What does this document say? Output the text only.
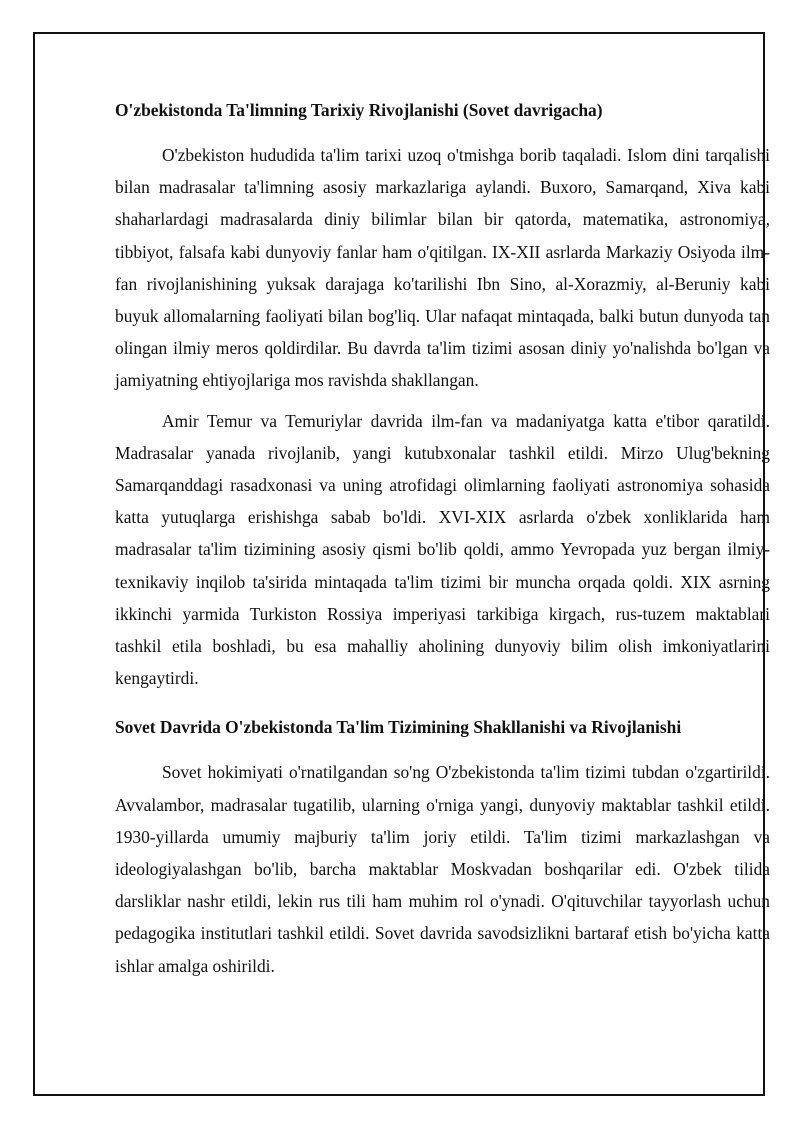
O'zbekistonda Ta'limning Tarixiy Rivojlanishi (Sovet davrigacha)

O'zbekiston hududida ta'lim tarixi uzoq o'tmishga borib taqaladi. Islom dini tarqalishi bilan madrasalar ta'limning asosiy markazlariga aylandi. Buxoro, Samarqand, Xiva kabi shaharlardagi madrasalarda diniy bilimlar bilan bir qatorda, matematika, astronomiya, tibbiyot, falsafa kabi dunyoviy fanlar ham o'qitilgan. IX-XII asrlarda Markaziy Osiyoda ilm-fan rivojlanishining yuksak darajaga ko'tarilishi Ibn Sino, al-Xorazmiy, al-Beruniy kabi buyuk allomalarning faoliyati bilan bog'liq. Ular nafaqat mintaqada, balki butun dunyoda tan olingan ilmiy meros qoldirdilar. Bu davrda ta'lim tizimi asosan diniy yo'nalishda bo'lgan va jamiyatning ehtiyojlariga mos ravishda shakllangan.

Amir Temur va Temuriylar davrida ilm-fan va madaniyatga katta e'tibor qaratildi. Madrasalar yanada rivojlanib, yangi kutubxonalar tashkil etildi. Mirzo Ulug'bekning Samarqanddagi rasadxonasi va uning atrofidagi olimlarning faoliyati astronomiya sohasida katta yutuqlarga erishishga sabab bo'ldi. XVI-XIX asrlarda o'zbek xonliklarida ham madrasalar ta'lim tizimining asosiy qismi bo'lib qoldi, ammo Yevropada yuz bergan ilmiy-texnikaviy inqilob ta'sirida mintaqada ta'lim tizimi bir muncha orqada qoldi. XIX asrning ikkinchi yarmida Turkiston Rossiya imperiyasi tarkibiga kirgach, rus-tuzem maktablari tashkil etila boshladi, bu esa mahalliy aholining dunyoviy bilim olish imkoniyatlarini kengaytirdi.

Sovet Davrida O'zbekistonda Ta'lim Tizimining Shakllanishi va Rivojlanishi

Sovet hokimiyati o'rnatilgandan so'ng O'zbekistonda ta'lim tizimi tubdan o'zgartirildi. Avvalambor, madrasalar tugatilib, ularning o'rniga yangi, dunyoviy maktablar tashkil etildi. 1930-yillarda umumiy majburiy ta'lim joriy etildi. Ta'lim tizimi markazlashgan va ideologiyalashgan bo'lib, barcha maktablar Moskvadan boshqarilar edi. O'zbek tilida darsliklar nashr etildi, lekin rus tili ham muhim rol o'ynadi. O'qituvchilar tayyorlash uchun pedagogika institutlari tashkil etildi. Sovet davrida savodsizlikni bartaraf etish bo'yicha katta ishlar amalga oshirildi.
